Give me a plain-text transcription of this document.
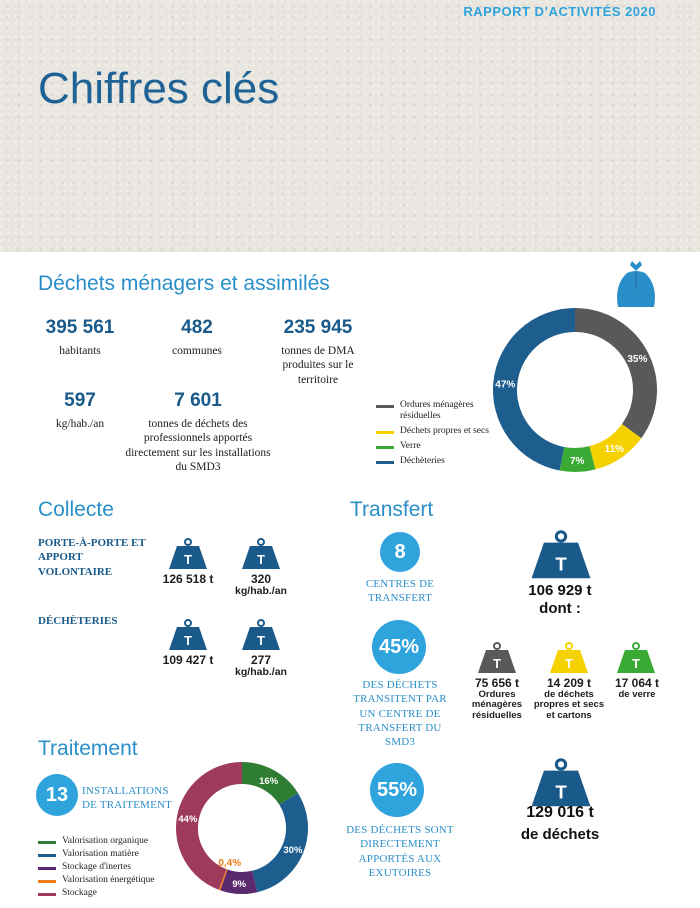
RAPPORT D’ACTIVITÉS 2020
Chiffres clés
Déchets ménagers et assimilés
395 561
habitants
482
communes
235 945
tonnes de DMA produites sur le territoire
597
kg/hab./an
7 601
tonnes de déchets des professionnels apportés directement sur les installations du SMD3
Ordures ménagères résiduelles
Déchets propres et secs
Verre
Déchèteries
35%
11%
7%
47%
Collecte
PORTE-À-PORTE ET APPORT VOLONTAIRE
DÉCHÈTERIES
T
126 518 t
T
320
kg/hab./an
T
109 427 t
T
277
kg/hab./an
Transfert
8
CENTRES DE TRANSFERT
45%
DES DÉCHETS TRANSITENT PAR UN CENTRE DE TRANSFERT DU SMD3
55%
DES DÉCHETS SONT DIRECTEMENT APPORTÉS AUX EXUTOIRES
T
106 929 t
dont :
T
75 656 t
Ordures ménagères résiduelles
T
14 209 t
de déchets propres et secs et cartons
T
17 064 t
de verre
T
129 016 t
de déchets
Traitement
13	INSTALLATIONS DE TRAITEMENT
Valorisation organique
Valorisation matière
Stockage d'inertes
Valorisation énergétique
Stockage
16%
30%
9%
0,4%
44%
